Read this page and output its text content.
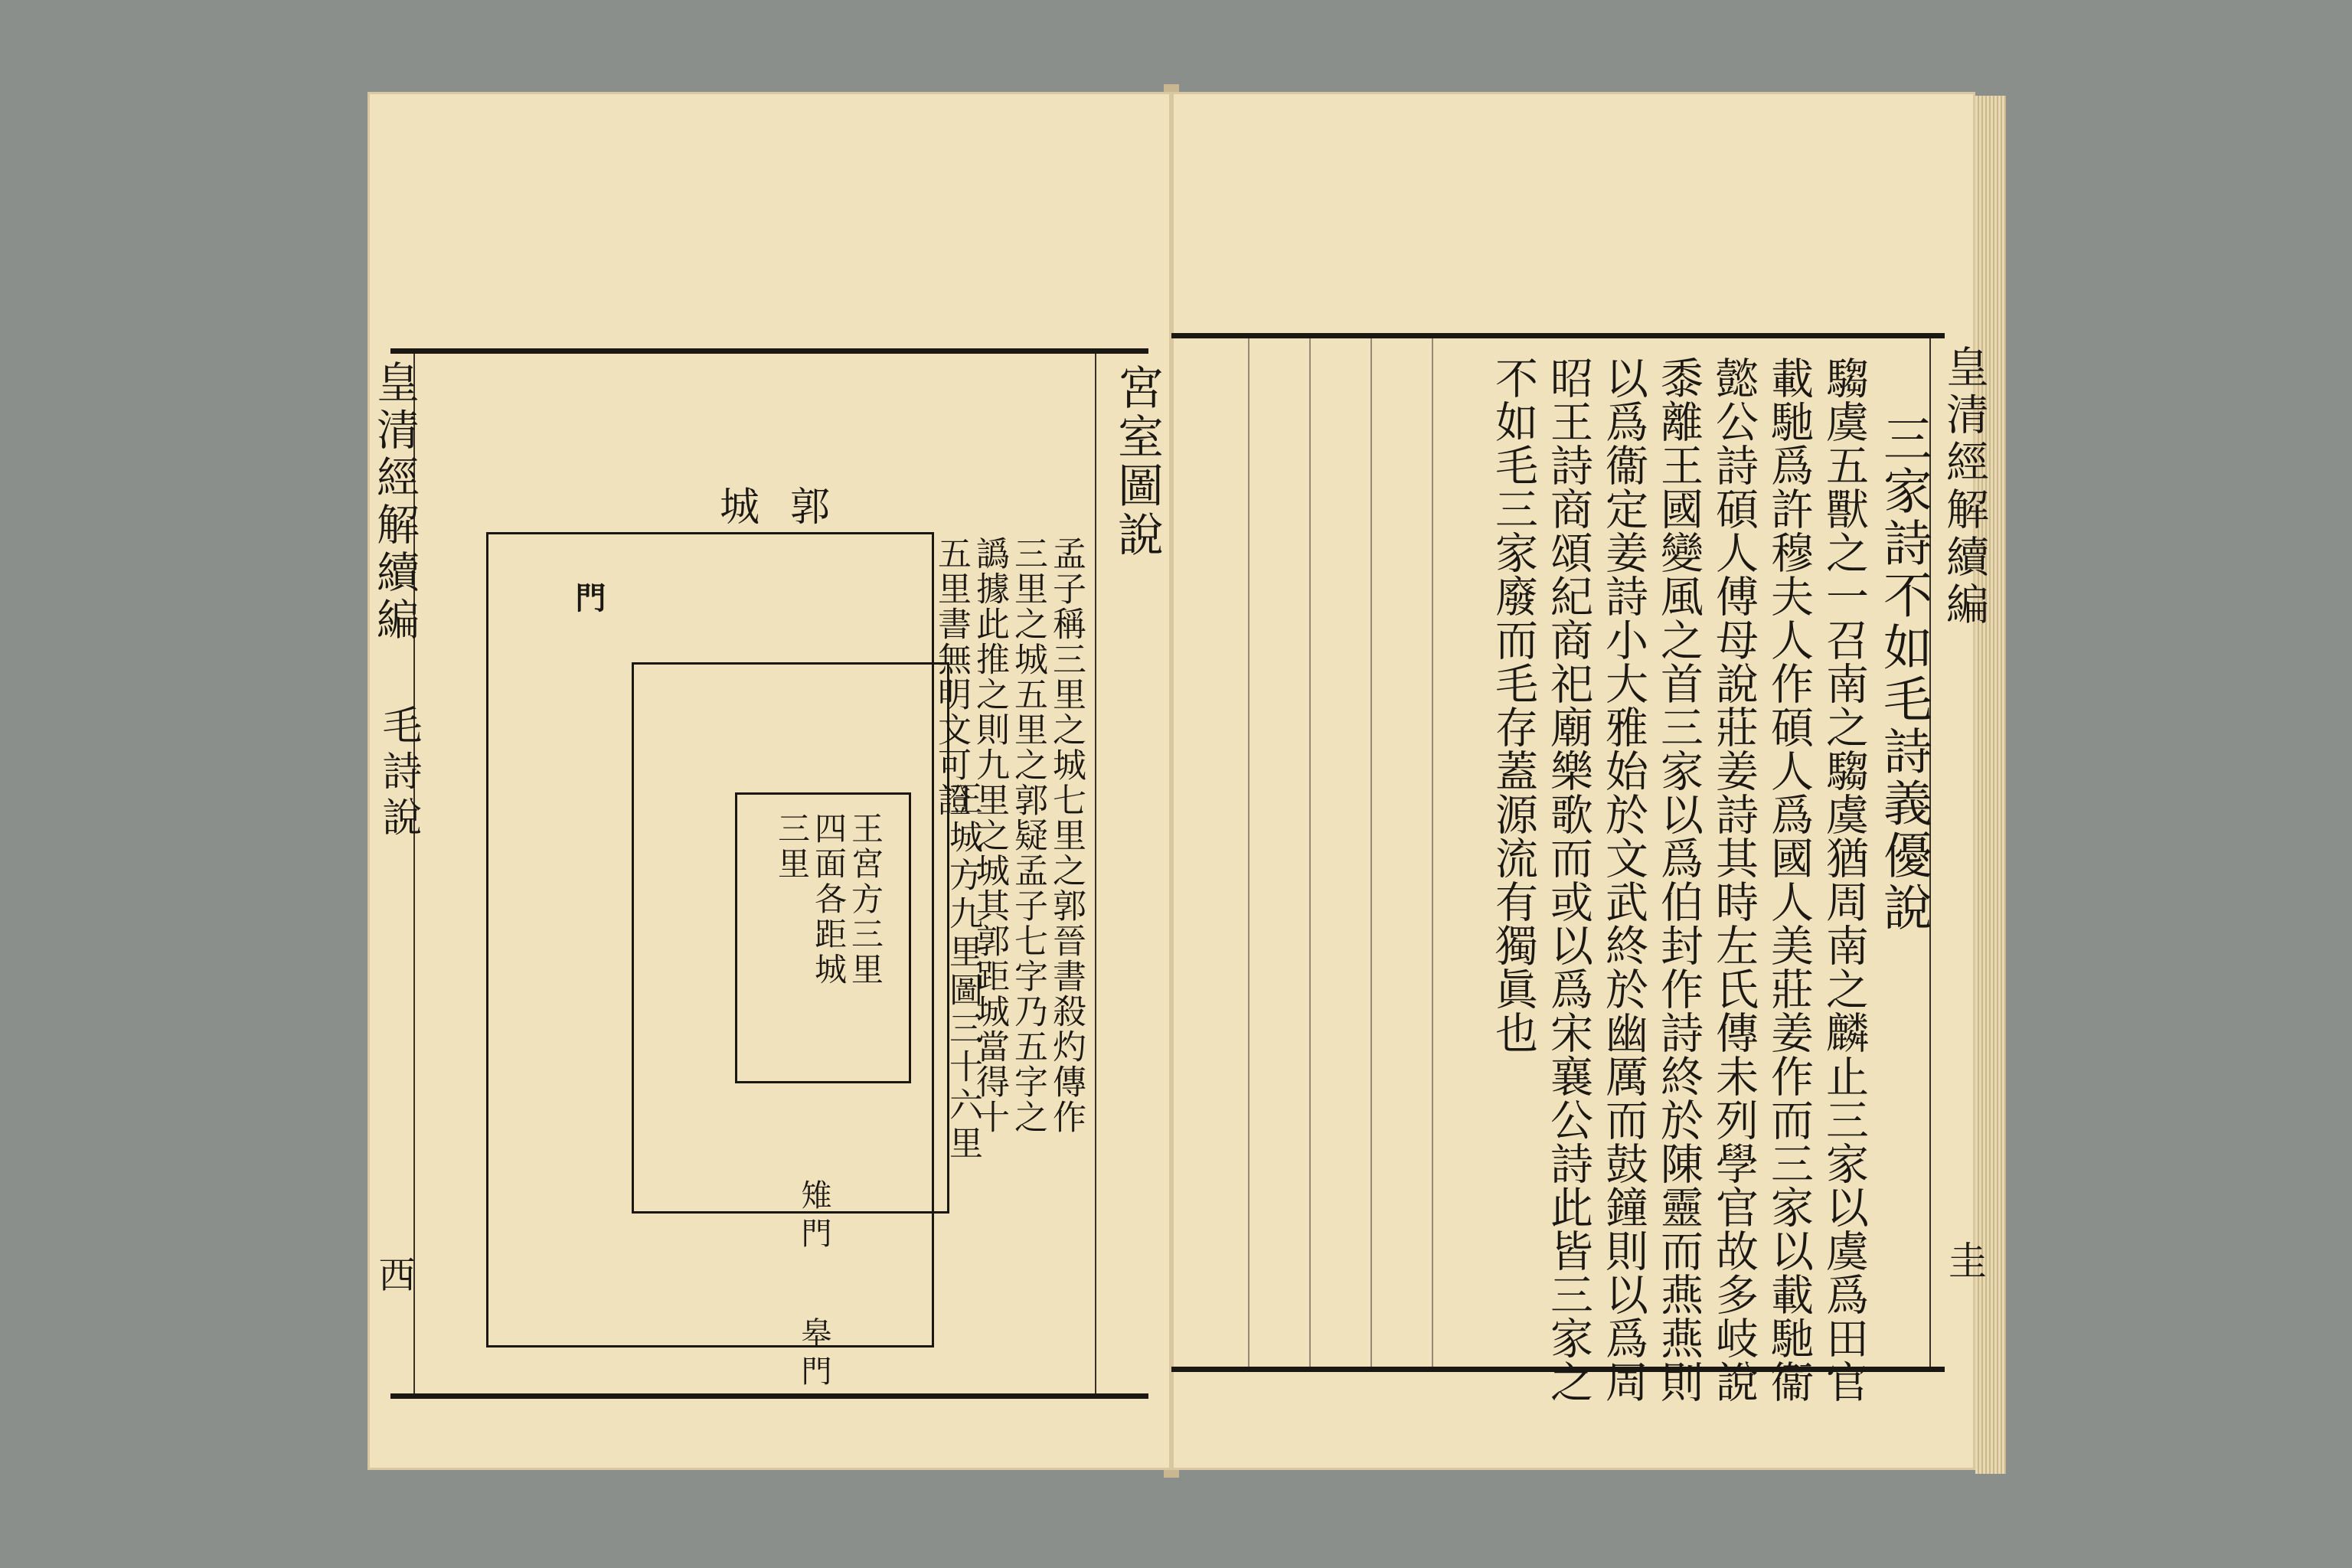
皇清經解續編
毛詩說
西
宮室圖說
孟子稱三里之城七里之郭晉書殺灼傳作
三里之城五里之郭疑孟子七字乃五字之
譌據此推之則九里之城其郭距城當得十
五里書無明文可證
王城方九里圖三十六里
城郭
門
王宮方三里
四面各距城
三里
雉門
皋門
皇清經解續編
圭
三家詩不如毛詩義優說
騶虞五獸之一召南之騶虞猶周南之麟止三家以虞爲田官
載馳爲許穆夫人作碩人爲國人美莊姜作而三家以載馳衞
懿公詩碩人傅母說莊姜詩其時左氏傳未列學官故多岐說
黍離王國變風之首三家以爲伯封作詩終於陳靈而燕燕則
以爲衞定姜詩小大雅始於文武終於幽厲而鼓鐘則以爲周
昭王詩商頌紀商祀廟樂歌而或以爲宋襄公詩此皆三家之
不如毛三家廢而毛存蓋源流有獨眞也
